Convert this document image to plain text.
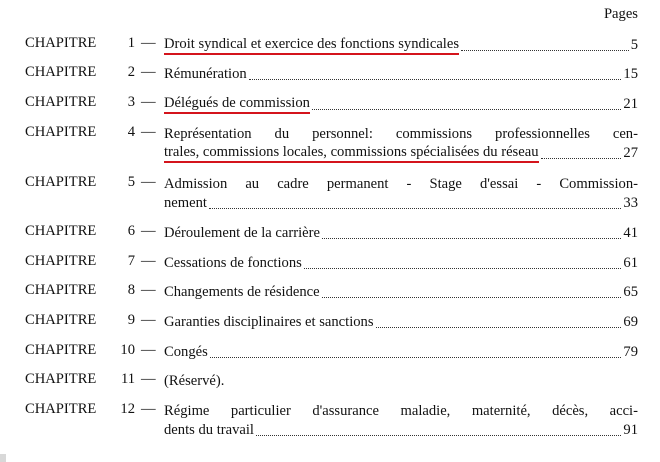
Pages
CHAPITRE	1 — Droit syndical et exercice des fonctions syndicales	5
CHAPITRE	2 — Rémunération	15
CHAPITRE	3 — Délégués de commission	21
CHAPITRE	4 — Représentation du personnel: commissions professionnelles cen-
trales, commissions locales, commissions spécialisées du réseau	27
CHAPITRE	5 — Admission au cadre permanent - Stage d'essai - Commission-
nement	33
CHAPITRE	6 — Déroulement de la carrière	41
CHAPITRE	7 — Cessations de fonctions	61
CHAPITRE	8 — Changements de résidence	65
CHAPITRE	9 — Garanties disciplinaires et sanctions	69
CHAPITRE	10 — Congés	79
CHAPITRE	11 — (Réservé).
CHAPITRE	12 — Régime particulier d'assurance maladie, maternité, décès, acci-
dents du travail	91
